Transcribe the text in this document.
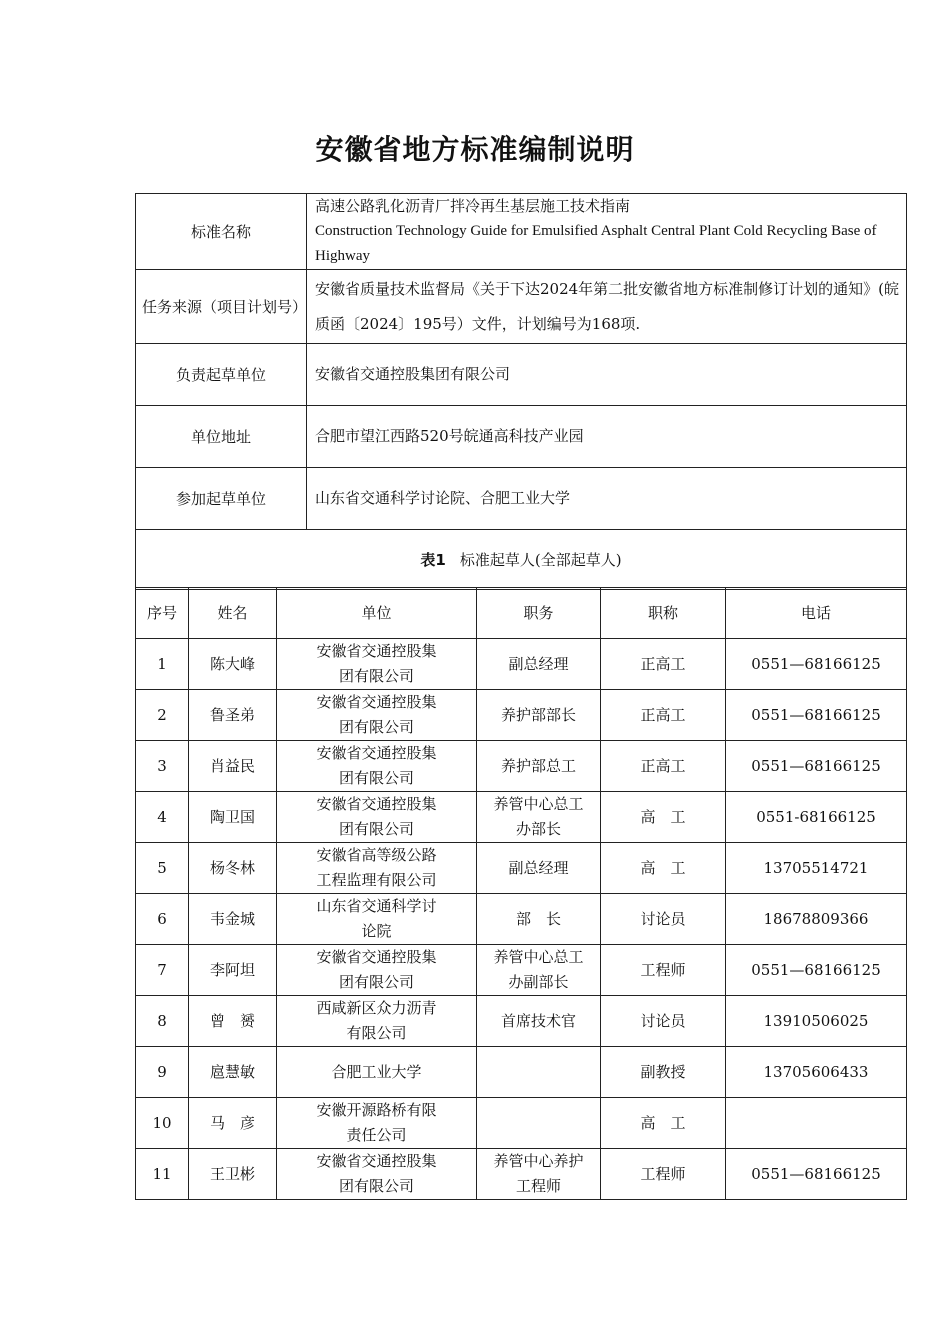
安徽省地方标准编制说明
标准名称	高速公路乳化沥青厂拌冷再生基层施工技术指南
Construction Technology Guide for Emulsified Asphalt Central Plant Cold Recycling Base of Highway

任务来源（项目计划号）	安徽省质量技术监督局《关于下达2024年第二批安徽省地方标准制修订计划的通知》(皖质函〔2024〕195号）文件，计划编号为168项.
负责起草单位	安徽省交通控股集团有限公司
单位地址	合肥市望江西路520号皖通高科技产业园
参加起草单位	山东省交通科学讨论院、合肥工业大学
表1 标准起草人(全部起草人)	
序号	姓名	单位	职务	职称	电话
1	陈大峰	安徽省交通控股集团有限公司	副总经理	正高工	0551—68166125
2	鲁圣弟	安徽省交通控股集团有限公司	养护部部长	正高工	0551—68166125
3	肖益民	安徽省交通控股集团有限公司	养护部总工	正高工	0551—68166125
4	陶卫国	安徽省交通控股集团有限公司	养管中心总工办部长	高　工	0551-68166125
5	杨冬林	安徽省高等级公路工程监理有限公司	副总经理	高　工	13705514721
6	韦金城	山东省交通科学讨论院	部　长	讨论员	18678809366
7	李阿坦	安徽省交通控股集团有限公司	养管中心总工办副部长	工程师	0551—68166125
8	曾　赟	西咸新区众力沥青有限公司	首席技术官	讨论员	13910506025
9	扈慧敏	合肥工业大学		副教授	13705606433
10	马　彦	安徽开源路桥有限责任公司		高　工	
11	王卫彬	安徽省交通控股集团有限公司	养管中心养护工程师	工程师	0551—68166125
